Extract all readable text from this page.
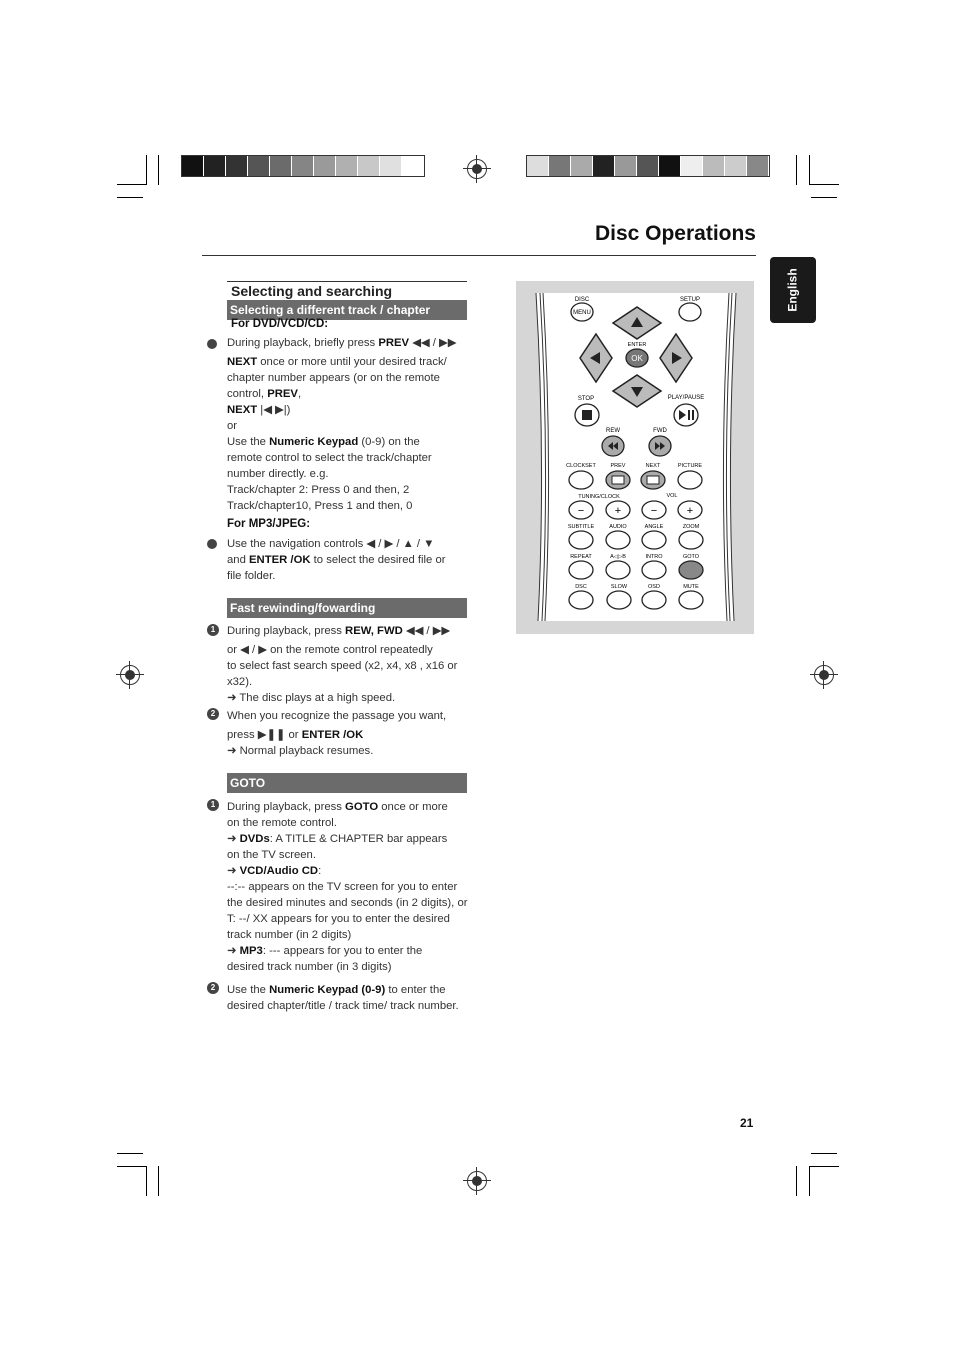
Disc Operations
English
Selecting and searching
Selecting a different track / chapter
For DVD/VCD/CD:
During playback, briefly press PREV ◀◀ / ▶▶
NEXT once or more until your desired track/
chapter number appears (or on the remote
control, PREV,
NEXT |◀ ▶|)
or
Use the Numeric Keypad (0-9) on the
remote control to select the track/chapter
number directly. e.g.
Track/chapter 2: Press 0 and then, 2
Track/chapter10, Press 1 and then, 0
For MP3/JPEG:
Use the navigation controls ◀ / ▶ / ▲ / ▼
and ENTER /OK to select the desired file or
file folder.
Fast rewinding/fowarding
1	During playback, press REW, FWD ◀◀ / ▶▶
or ◀ / ▶ on the remote control repeatedly
to select fast search speed (x2, x4, x8 , x16 or
x32).
➜ The disc plays at a high speed.
2	When you recognize the passage you want,
press ▶❚❚ or ENTER /OK
➜ Normal playback resumes.
GOTO
1	During playback, press GOTO once or more
on the remote control.
➜ DVDs: A TITLE & CHAPTER bar appears
on the TV screen.
➜ VCD/Audio CD:
--:-- appears on the TV screen for you to enter
the desired minutes and seconds (in 2 digits), or
T: --/ XX appears for you to enter the desired
track number (in 2 digits)
➜ MP3: --- appears for you to enter the
desired track number (in 3 digits)
2	Use the Numeric Keypad (0-9) to enter the
desired chapter/title / track time/ track number.
DISC
MENU
SETUP
ENTER
OK
STOP	PLAY/PAUSE
REW	FWD
CLOCKSET	PREV	NEXT	PICTURE
TUNING/CLOCK	VOL
−	+	−	+
SUBTITLE	AUDIO	ANGLE	ZOOM
REPEAT	A◁▷B	INTRO	GOTO
DSC	SLOW	OSD	MUTE
21
